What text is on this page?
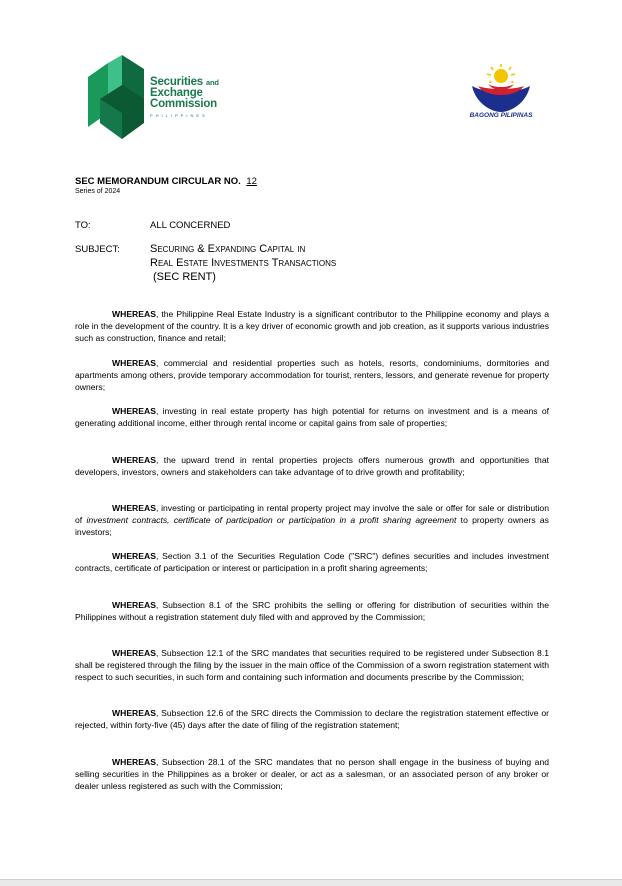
Securities and
Exchange
Commission
PHILIPPINES	BAGONG PILIPINAS
SEC MEMORANDUM CIRCULAR NO. 12
Series of 2024
TO:	ALL CONCERNED
SUBJECT:	Securing & Expanding Capital in
Real Estate Investments Transactions
(SEC RENT)

WHEREAS, the Philippine Real Estate Industry is a significant contributor to the Philippine economy and plays a role in the development of the country. It is a key driver of economic growth and job creation, as it supports various industries such as construction, finance and retail;

WHEREAS, commercial and residential properties such as hotels, resorts, condominiums, dormitories and apartments among others, provide temporary accommodation for tourist, renters, lessors, and generate revenue for property owners;

WHEREAS, investing in real estate property has high potential for returns on investment and is a means of generating additional income, either through rental income or capital gains from sale of properties;

WHEREAS, the upward trend in rental properties projects offers numerous growth and opportunities that developers, investors, owners and stakeholders can take advantage of to drive growth and profitability;

WHEREAS, investing or participating in rental property project may involve the sale or offer for sale or distribution of investment contracts, certificate of participation or participation in a profit sharing agreement to property owners as investors;

WHEREAS, Section 3.1 of the Securities Regulation Code ("SRC") defines securities and includes investment contracts, certificate of participation or interest or participation in a profit sharing agreements;

WHEREAS, Subsection 8.1 of the SRC prohibits the selling or offering for distribution of securities within the Philippines without a registration statement duly filed with and approved by the Commission;

WHEREAS, Subsection 12.1 of the SRC mandates that securities required to be registered under Subsection 8.1 shall be registered through the filing by the issuer in the main office of the Commission of a sworn registration statement with respect to such securities, in such form and containing such information and documents prescribe by the Commission;

WHEREAS, Subsection 12.6 of the SRC directs the Commission to declare the registration statement effective or rejected, within forty-five (45) days after the date of filing of the registration statement;

WHEREAS, Subsection 28.1 of the SRC mandates that no person shall engage in the business of buying and selling securities in the Philippines as a broker or dealer, or act as a salesman, or an associated person of any broker or dealer unless registered as such with the Commission;
